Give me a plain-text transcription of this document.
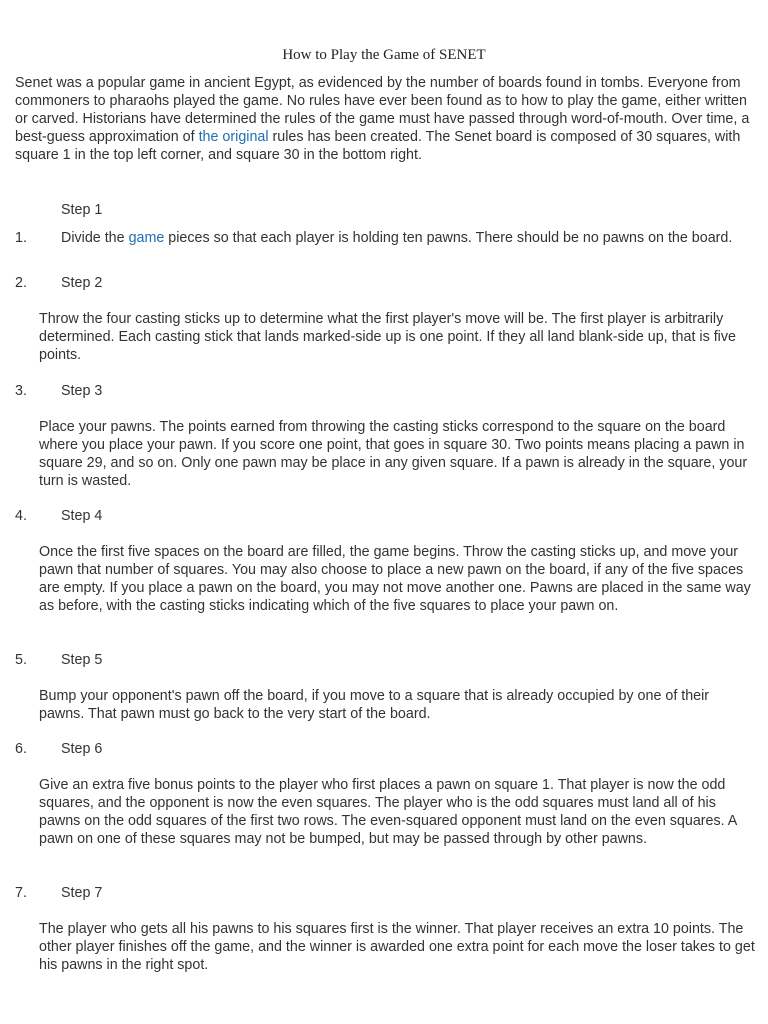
How to Play the Game of SENET
Senet was a popular game in ancient Egypt, as evidenced by the number of boards found in tombs. Everyone from commoners to pharaohs played the game. No rules have ever been found as to how to play the game, either written or carved. Historians have determined the rules of the game must have passed through word-of-mouth. Over time, a best-guess approximation of the original rules has been created. The Senet board is composed of 30 squares, with square 1 in the top left corner, and square 30 in the bottom right.
Step 1
1.	Divide the game pieces so that each player is holding ten pawns. There should be no pawns on the board.
2. Step 2
Throw the four casting sticks up to determine what the first player's move will be. The first player is arbitrarily determined. Each casting stick that lands marked-side up is one point. If they all land blank-side up, that is five points.
3. Step 3
Place your pawns. The points earned from throwing the casting sticks correspond to the square on the board where you place your pawn. If you score one point, that goes in square 30. Two points means placing a pawn in square 29, and so on. Only one pawn may be place in any given square. If a pawn is already in the square, your turn is wasted.
4. Step 4
Once the first five spaces on the board are filled, the game begins. Throw the casting sticks up, and move your pawn that number of squares. You may also choose to place a new pawn on the board, if any of the five spaces are empty. If you place a pawn on the board, you may not move another one. Pawns are placed in the same way as before, with the casting sticks indicating which of the five squares to place your pawn on.
5. Step 5
Bump your opponent's pawn off the board, if you move to a square that is already occupied by one of their pawns. That pawn must go back to the very start of the board.
6. Step 6
Give an extra five bonus points to the player who first places a pawn on square 1. That player is now the odd squares, and the opponent is now the even squares. The player who is the odd squares must land all of his pawns on the odd squares of the first two rows. The even-squared opponent must land on the even squares. A pawn on one of these squares may not be bumped, but may be passed through by other pawns.
7. Step 7
The player who gets all his pawns to his squares first is the winner. That player receives an extra 10 points. The other player finishes off the game, and the winner is awarded one extra point for each move the loser takes to get his pawns in the right spot.
